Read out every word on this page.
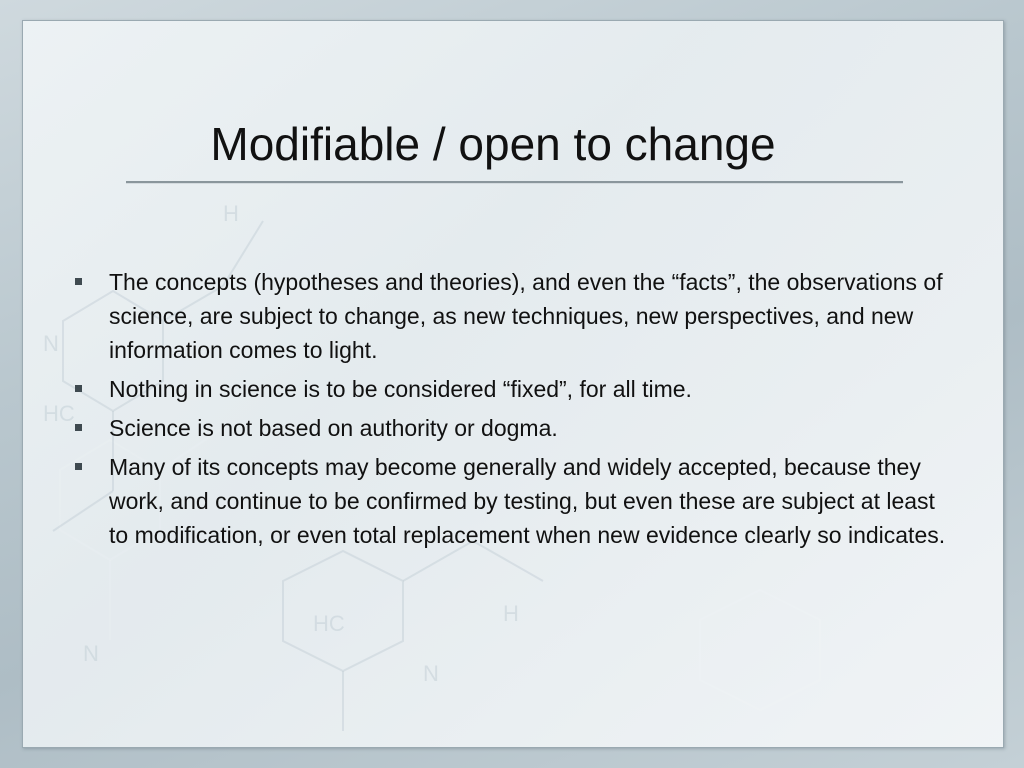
H
N
HC
HC
N
N
H
Modifiable / open to change
The concepts (hypotheses and theories), and even the “facts”, the observations of science, are subject to change, as new techniques, new perspectives, and new information comes to light.
Nothing in science is to be considered “fixed”, for all time.
Science is not based on authority or dogma.
Many of its concepts may become generally and widely accepted, because they work, and continue to be confirmed by testing, but even these are subject at least to modification, or even total replacement when new evidence clearly so indicates.
